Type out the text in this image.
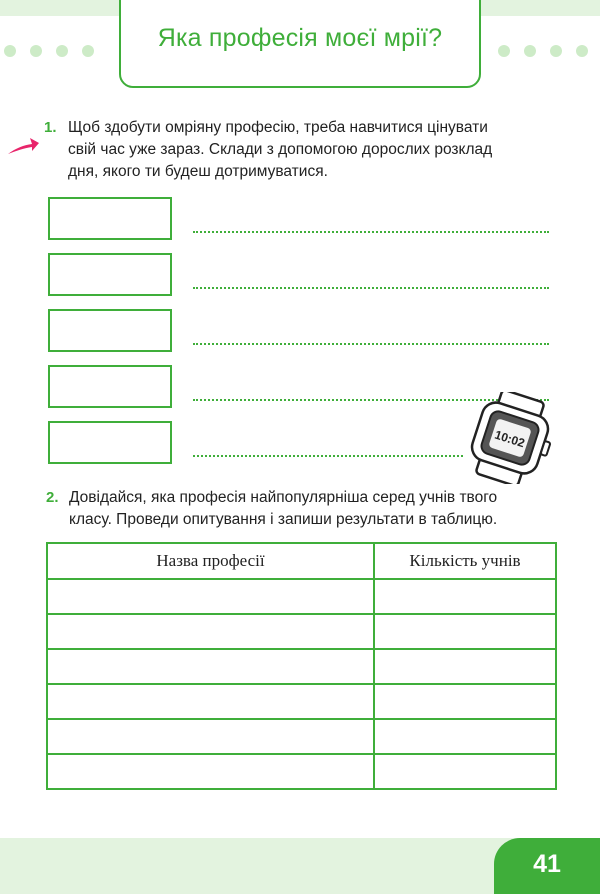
Яка професія моєї мрії?
1. Щоб здобути омріяну професію, треба навчитися цінувати
свій час уже зараз. Склади з допомогою дорослих розклад
дня, якого ти будеш дотримуватися.
10:02
2. Довідайся, яка професія найпопулярніша серед учнів твого
класу. Проведи опитування і запиши результати в таблицю.
Назва професії	Кількість учнів

41
